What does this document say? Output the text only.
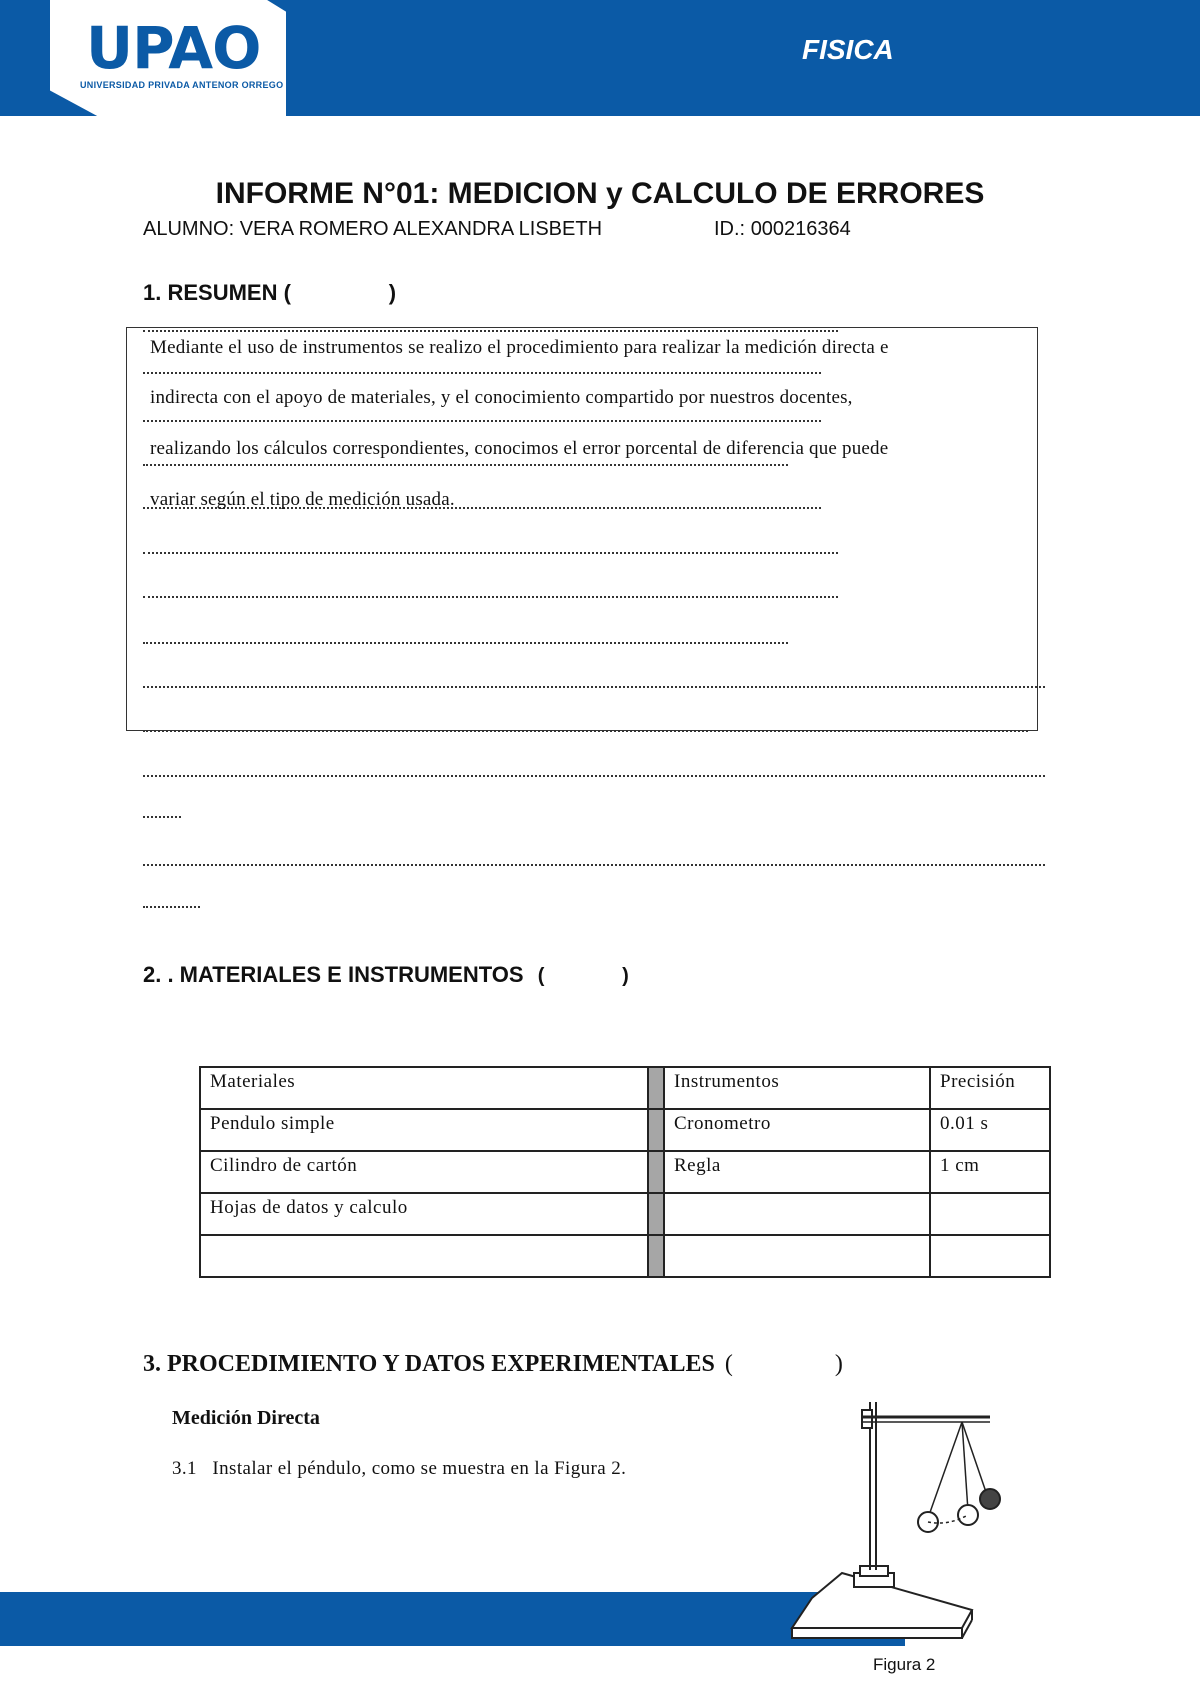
UPAO
UNIVERSIDAD PRIVADA ANTENOR ORREGO
FISICA
INFORME N°01: MEDICION y CALCULO DE ERRORES
ALUMNO: VERA ROMERO ALEXANDRA LISBETH	ID.: 000216364
1. RESUMEN (                )
Mediante el uso de instrumentos se realizo el procedimiento para realizar la medición directa e
indirecta con el apoyo de materiales, y el conocimiento compartido por nuestros docentes,
realizando los cálculos correspondientes, conocimos el error porcental de diferencia que puede
variar según el tipo de medición usada.
2. . MATERIALES E INSTRUMENTOS (              )
Materiales		Instrumentos	Precisión
Pendulo simple		Cronometro	0.01 s
Cilindro de cartón		Regla	1 cm
Hojas de datos y calculo			

3. PROCEDIMIENTO Y DATOS EXPERIMENTALES (                 )
Medición Directa
3.1   Instalar el péndulo, como se muestra en la Figura 2.
Figura 2
